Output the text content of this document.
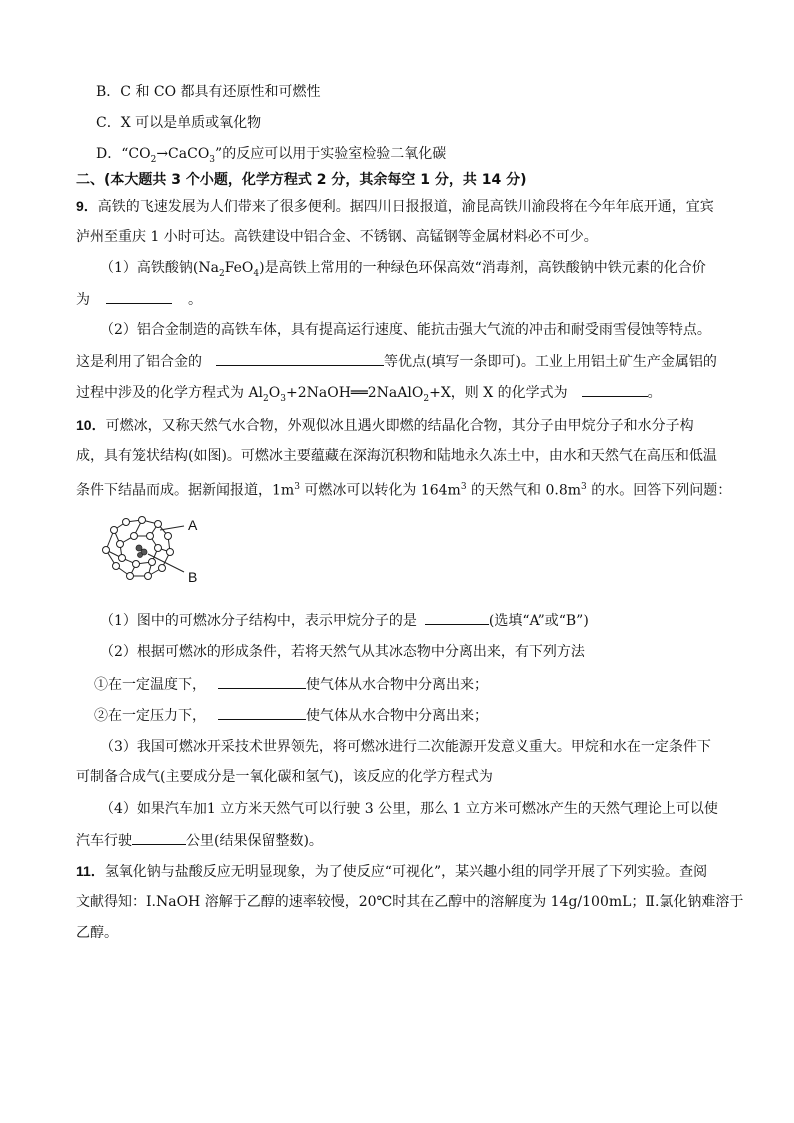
B．C 和 CO 都具有还原性和可燃性
C．X 可以是单质或氧化物
D．“$CO_2\to CaCO_3$”的反应可以用于实验室检验二氧化碳
二、(本大题共 3 个小题，化学方程式 2 分，其余每空 1 分，共 14 分)
9．高铁的飞速发展为人们带来了很多便利。据四川日报报道，渝昆高铁川渝段将在今年年底开通，宜宾
泸州至重庆 1 小时可达。高铁建设中铝合金、不锈钢、高锰钢等金属材料必不可少。
（1）高铁酸钠$(Na_2FeO_4)$是高铁上常用的一种绿色环保高效“消毒剂，高铁酸钠中铁元素的化合价
为	。
（2）铝合金制造的高铁车体，具有提高运行速度、能抗击强大气流的冲击和耐受雨雪侵蚀等特点。
这是利用了铝合金的	等优点(填写一条即可)。工业上用铝土矿生产金属铝的
过程中涉及的化学方程式为 $Al_2O_3+2NaOH══2NaAlO_2+X$，则 X 的化学式为	。
10．可燃冰，又称天然气水合物，外观似冰且遇火即燃的结晶化合物，其分子由甲烷分子和水分子构
成，具有笼状结构(如图)。可燃冰主要蕴藏在深海沉积物和陆地永久冻土中，由水和天然气在高压和低温
条件下结晶而成。据新闻报道，$1m^3$ 可燃冰可以转化为 $164m^3$ 的天然气和 $0.8m^3$ 的水。回答下列问题：
A
B
（1）图中的可燃冰分子结构中，表示甲烷分子的是	(选填“A”或“B”)
（2）根据可燃冰的形成条件，若将天然气从其冰态物中分离出来，有下列方法
①在一定温度下，	使气体从水合物中分离出来；
②在一定压力下，	使气体从水合物中分离出来；
（3）我国可燃冰开采技术世界领先，将可燃冰进行二次能源开发意义重大。甲烷和水在一定条件下
可制备合成气(主要成分是一氧化碳和氢气)，该反应的化学方程式为
（4）如果汽车加1 立方米天然气可以行驶 3 公里，那么 1 立方米可燃冰产生的天然气理论上可以使
汽车行驶	公里(结果保留整数)。
11．氢氧化钠与盐酸反应无明显现象，为了使反应“可视化”，某兴趣小组的同学开展了下列实验。查阅
文献得知：Ⅰ.NaOH 溶解于乙醇的速率较慢，20℃时其在乙醇中的溶解度为 14g/100mL；Ⅱ.氯化钠难溶于
乙醇。
